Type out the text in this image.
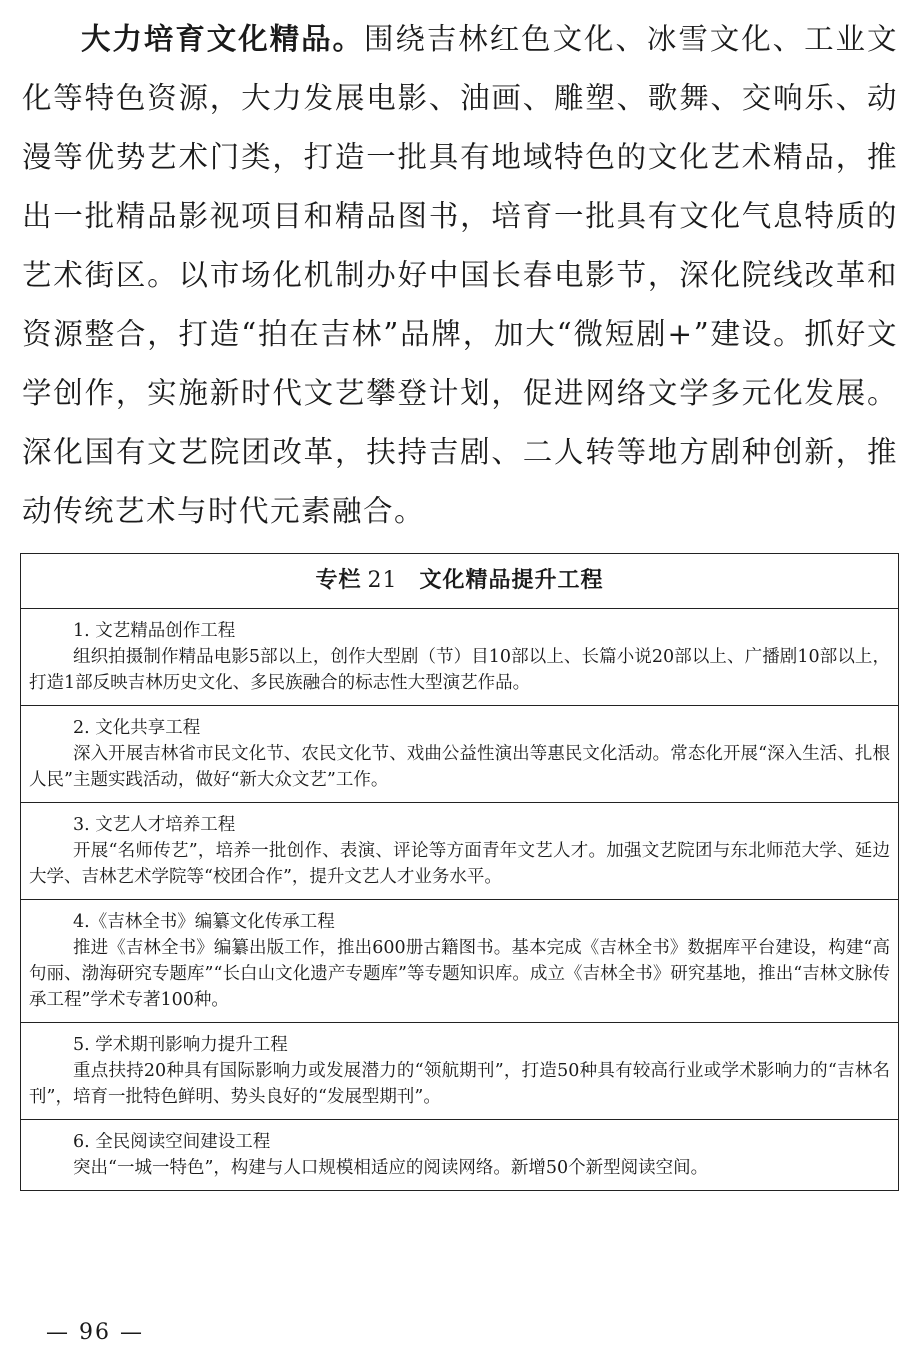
大力培育文化精品。围绕吉林红色文化、冰雪文化、工业文化等特色资源，大力发展电影、油画、雕塑、歌舞、交响乐、动漫等优势艺术门类，打造一批具有地域特色的文化艺术精品，推出一批精品影视项目和精品图书，培育一批具有文化气息特质的艺术街区。以市场化机制办好中国长春电影节，深化院线改革和资源整合，打造“拍在吉林”品牌，加大“微短剧+”建设。抓好文学创作，实施新时代文艺攀登计划，促进网络文学多元化发展。深化国有文艺院团改革，扶持吉剧、二人转等地方剧种创新，推动传统艺术与时代元素融合。

专栏 21 文化精品提升工程
1. 文艺精品创作工程
组织拍摄制作精品电影5部以上，创作大型剧（节）目10部以上、长篇小说20部以上、广播剧10部以上，打造1部反映吉林历史文化、多民族融合的标志性大型演艺作品。
2. 文化共享工程
深入开展吉林省市民文化节、农民文化节、戏曲公益性演出等惠民文化活动。常态化开展“深入生活、扎根人民”主题实践活动，做好“新大众文艺”工作。
3. 文艺人才培养工程
开展“名师传艺”，培养一批创作、表演、评论等方面青年文艺人才。加强文艺院团与东北师范大学、延边大学、吉林艺术学院等“校团合作”，提升文艺人才业务水平。
4.《吉林全书》编纂文化传承工程
推进《吉林全书》编纂出版工作，推出600册古籍图书。基本完成《吉林全书》数据库平台建设，构建“高句丽、渤海研究专题库”“长白山文化遗产专题库”等专题知识库。成立《吉林全书》研究基地，推出“吉林文脉传承工程”学术专著100种。
5. 学术期刊影响力提升工程
重点扶持20种具有国际影响力或发展潜力的“领航期刊”，打造50种具有较高行业或学术影响力的“吉林名刊”，培育一批特色鲜明、势头良好的“发展型期刊”。
6. 全民阅读空间建设工程
突出“一城一特色”，构建与人口规模相适应的阅读网络。新增50个新型阅读空间。
— 96 —
